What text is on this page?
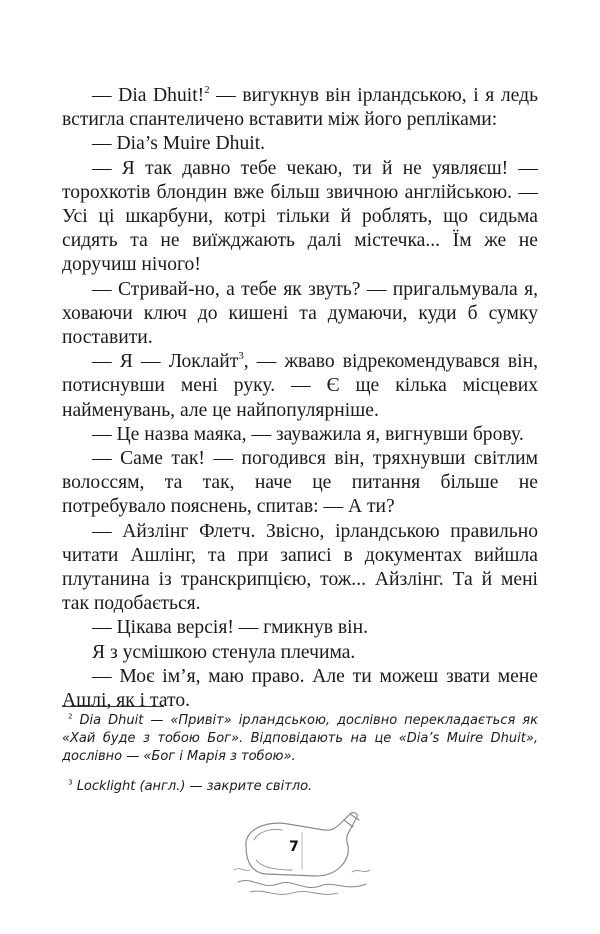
— Dia Dhuit!$^2$ — вигукнув він ірландською, і я ледь встигла спантеличено вставити між його репліками:

— Dia’s Muire Dhuit.

— Я так давно тебе чекаю, ти й не уявляєш! — торохкотів блондин вже більш звичною англійською. — Усі ці шкарбуни, котрі тільки й роблять, що сидьма сидять та не виїжджають далі містечка... Їм же не доручиш нічого!

— Стривай-но, а тебе як звуть? — пригальмувала я, ховаючи ключ до кишені та думаючи, куди б сумку поставити.

— Я — Локлайт$^3$, — жваво відрекомендувався він, потиснувши мені руку. — Є ще кілька місцевих найменувань, але це найпопулярніше.

— Це назва маяка, — зауважила я, вигнувши брову.

— Саме так! — погодився він, тряхнувши світлим волоссям, та так, наче це питання більше не потребувало пояснень, спитав: — А ти?

— Айзлінг Флетч. Звісно, ірландською правильно читати Ашлінг, та при записі в документах вийшла плутанина із транскрипцією, тож... Айзлінг. Та й мені так подобається.

— Цікава версія! — гмикнув він.

Я з усмішкою стенула плечима.

— Моє ім’я, маю право. Але ти можеш звати мене Ашлі, як і тато.

$^2$ Dia Dhuit — «Привіт» ірландською, дослівно перекладається як «Хай буде з тобою Бог». Відповідають на це «Dia’s Muire Dhuit», дослівно — «Бог і Марія з тобою».

$^3$ Locklight (англ.) — закрите світло.

7
